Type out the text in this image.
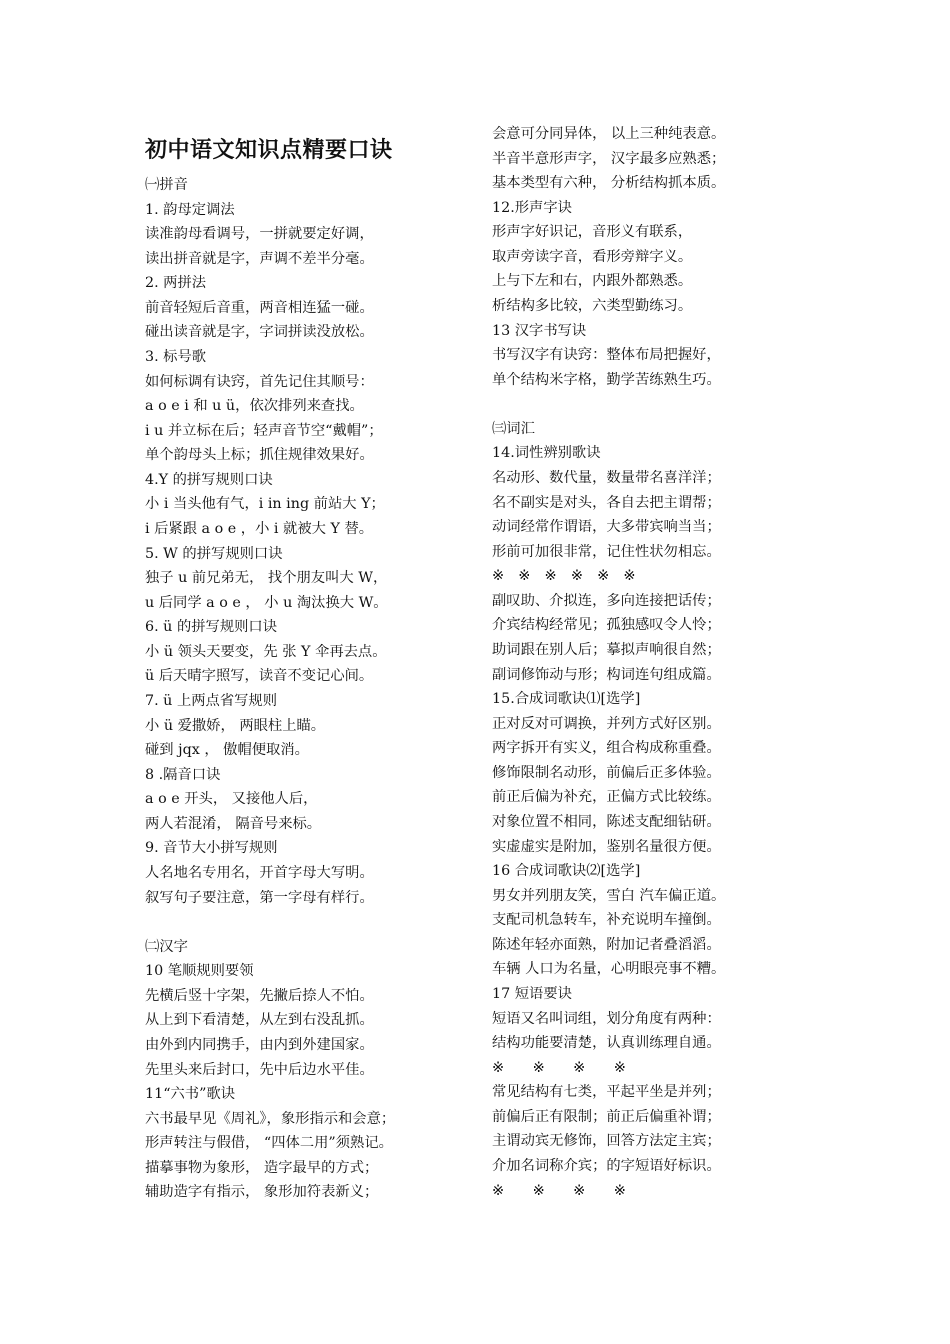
初中语文知识点精要口诀
㈠拼音
1. 韵母定调法
读准韵母看调号，一拼就要定好调，
读出拼音就是字，声调不差半分毫。
2. 两拼法
前音轻短后音重，两音相连猛一碰。
碰出读音就是字，字词拼读没放松。
3. 标号歌
如何标调有诀窍，首先记住其顺号：
a o e i 和 u ü，依次排列来查找。
i u 并立标在后；轻声音节空“戴帽”；
单个韵母头上标；抓住规律效果好。
4.Y 的拼写规则口诀
小 i 当头他有气，i in ing 前站大 Y；
i 后紧跟 a o e ，小 i 就被大 Y 替。
5. W 的拼写规则口诀
独子 u 前兄弟无， 找个朋友叫大 W，
u 后同学 a o e ， 小 u 淘汰换大 W。
6. ü 的拼写规则口诀
小 ü 领头天要变，先 张 Y 伞再去点。
ü 后天晴字照写，读音不变记心间。
7. ü 上两点省写规则
小 ü 爱撒娇， 两眼柱上瞄。
碰到 jqx ， 傲帽便取消。
8 .隔音口诀
a o e 开头， 又接他人后，
两人若混淆， 隔音号来标。
9. 音节大小拼写规则
人名地名专用名，开首字母大写明。
叙写句子要注意，第一字母有样行。
㈡汉字
10 笔顺规则要领
先横后竖十字架，先撇后捺人不怕。
从上到下看清楚，从左到右没乱抓。
由外到内同携手，由内到外建国家。
先里头来后封口，先中后边水平佳。
11“六书”歌诀
六书最早见《周礼》，象形指示和会意；
形声转注与假借， “四体二用”须熟记。
描摹事物为象形， 造字最早的方式；
辅助造字有指示， 象形加符表新义；
会意可分同异体， 以上三种纯表意。
半音半意形声字， 汉字最多应熟悉；
基本类型有六种， 分析结构抓本质。
12.形声字诀
形声字好识记，音形义有联系，
取声旁读字音，看形旁辩字义。
上与下左和右，内跟外都熟悉。
析结构多比较，六类型勤练习。
13 汉字书写诀
书写汉字有诀窍：整体布局把握好，
单个结构米字格，勤学苦练熟生巧。
㈢词汇
14.词性辨别歌诀
名动形、数代量，数量带名喜洋洋；
名不副实是对头，各自去把主谓帮；
动词经常作谓语，大多带宾响当当；
形前可加很非常，记住性状勿相忘。
※　※　※　※　※　※
副叹助、介拟连，多向连接把话传；
介宾结构经常见；孤独感叹令人怜；
助词跟在别人后；摹拟声响很自然；
副词修饰动与形；构词连句组成篇。
15.合成词歌诀⑴[选学]
正对反对可调换，并列方式好区别。
两字拆开有实义，组合构成称重叠。
修饰限制名动形，前偏后正多体验。
前正后偏为补充，正偏方式比较练。
对象位置不相同，陈述支配细钻研。
实虚虚实是附加，鉴别名量很方便。
16 合成词歌诀⑵[选学]
男女并列朋友笑，雪白 汽车偏正道。
支配司机急转车，补充说明车撞倒。
陈述年轻亦面熟，附加记者叠滔滔。
车辆 人口为名量，心明眼亮事不糟。
17 短语要诀
短语又名叫词组，划分角度有两种：
结构功能要清楚，认真训练理自通。
※　　※　　※　　※
常见结构有七类，平起平坐是并列；
前偏后正有限制；前正后偏重补谓；
主谓动宾无修饰，回答方法定主宾；
介加名词称介宾；的字短语好标识。
※　　※　　※　　※
